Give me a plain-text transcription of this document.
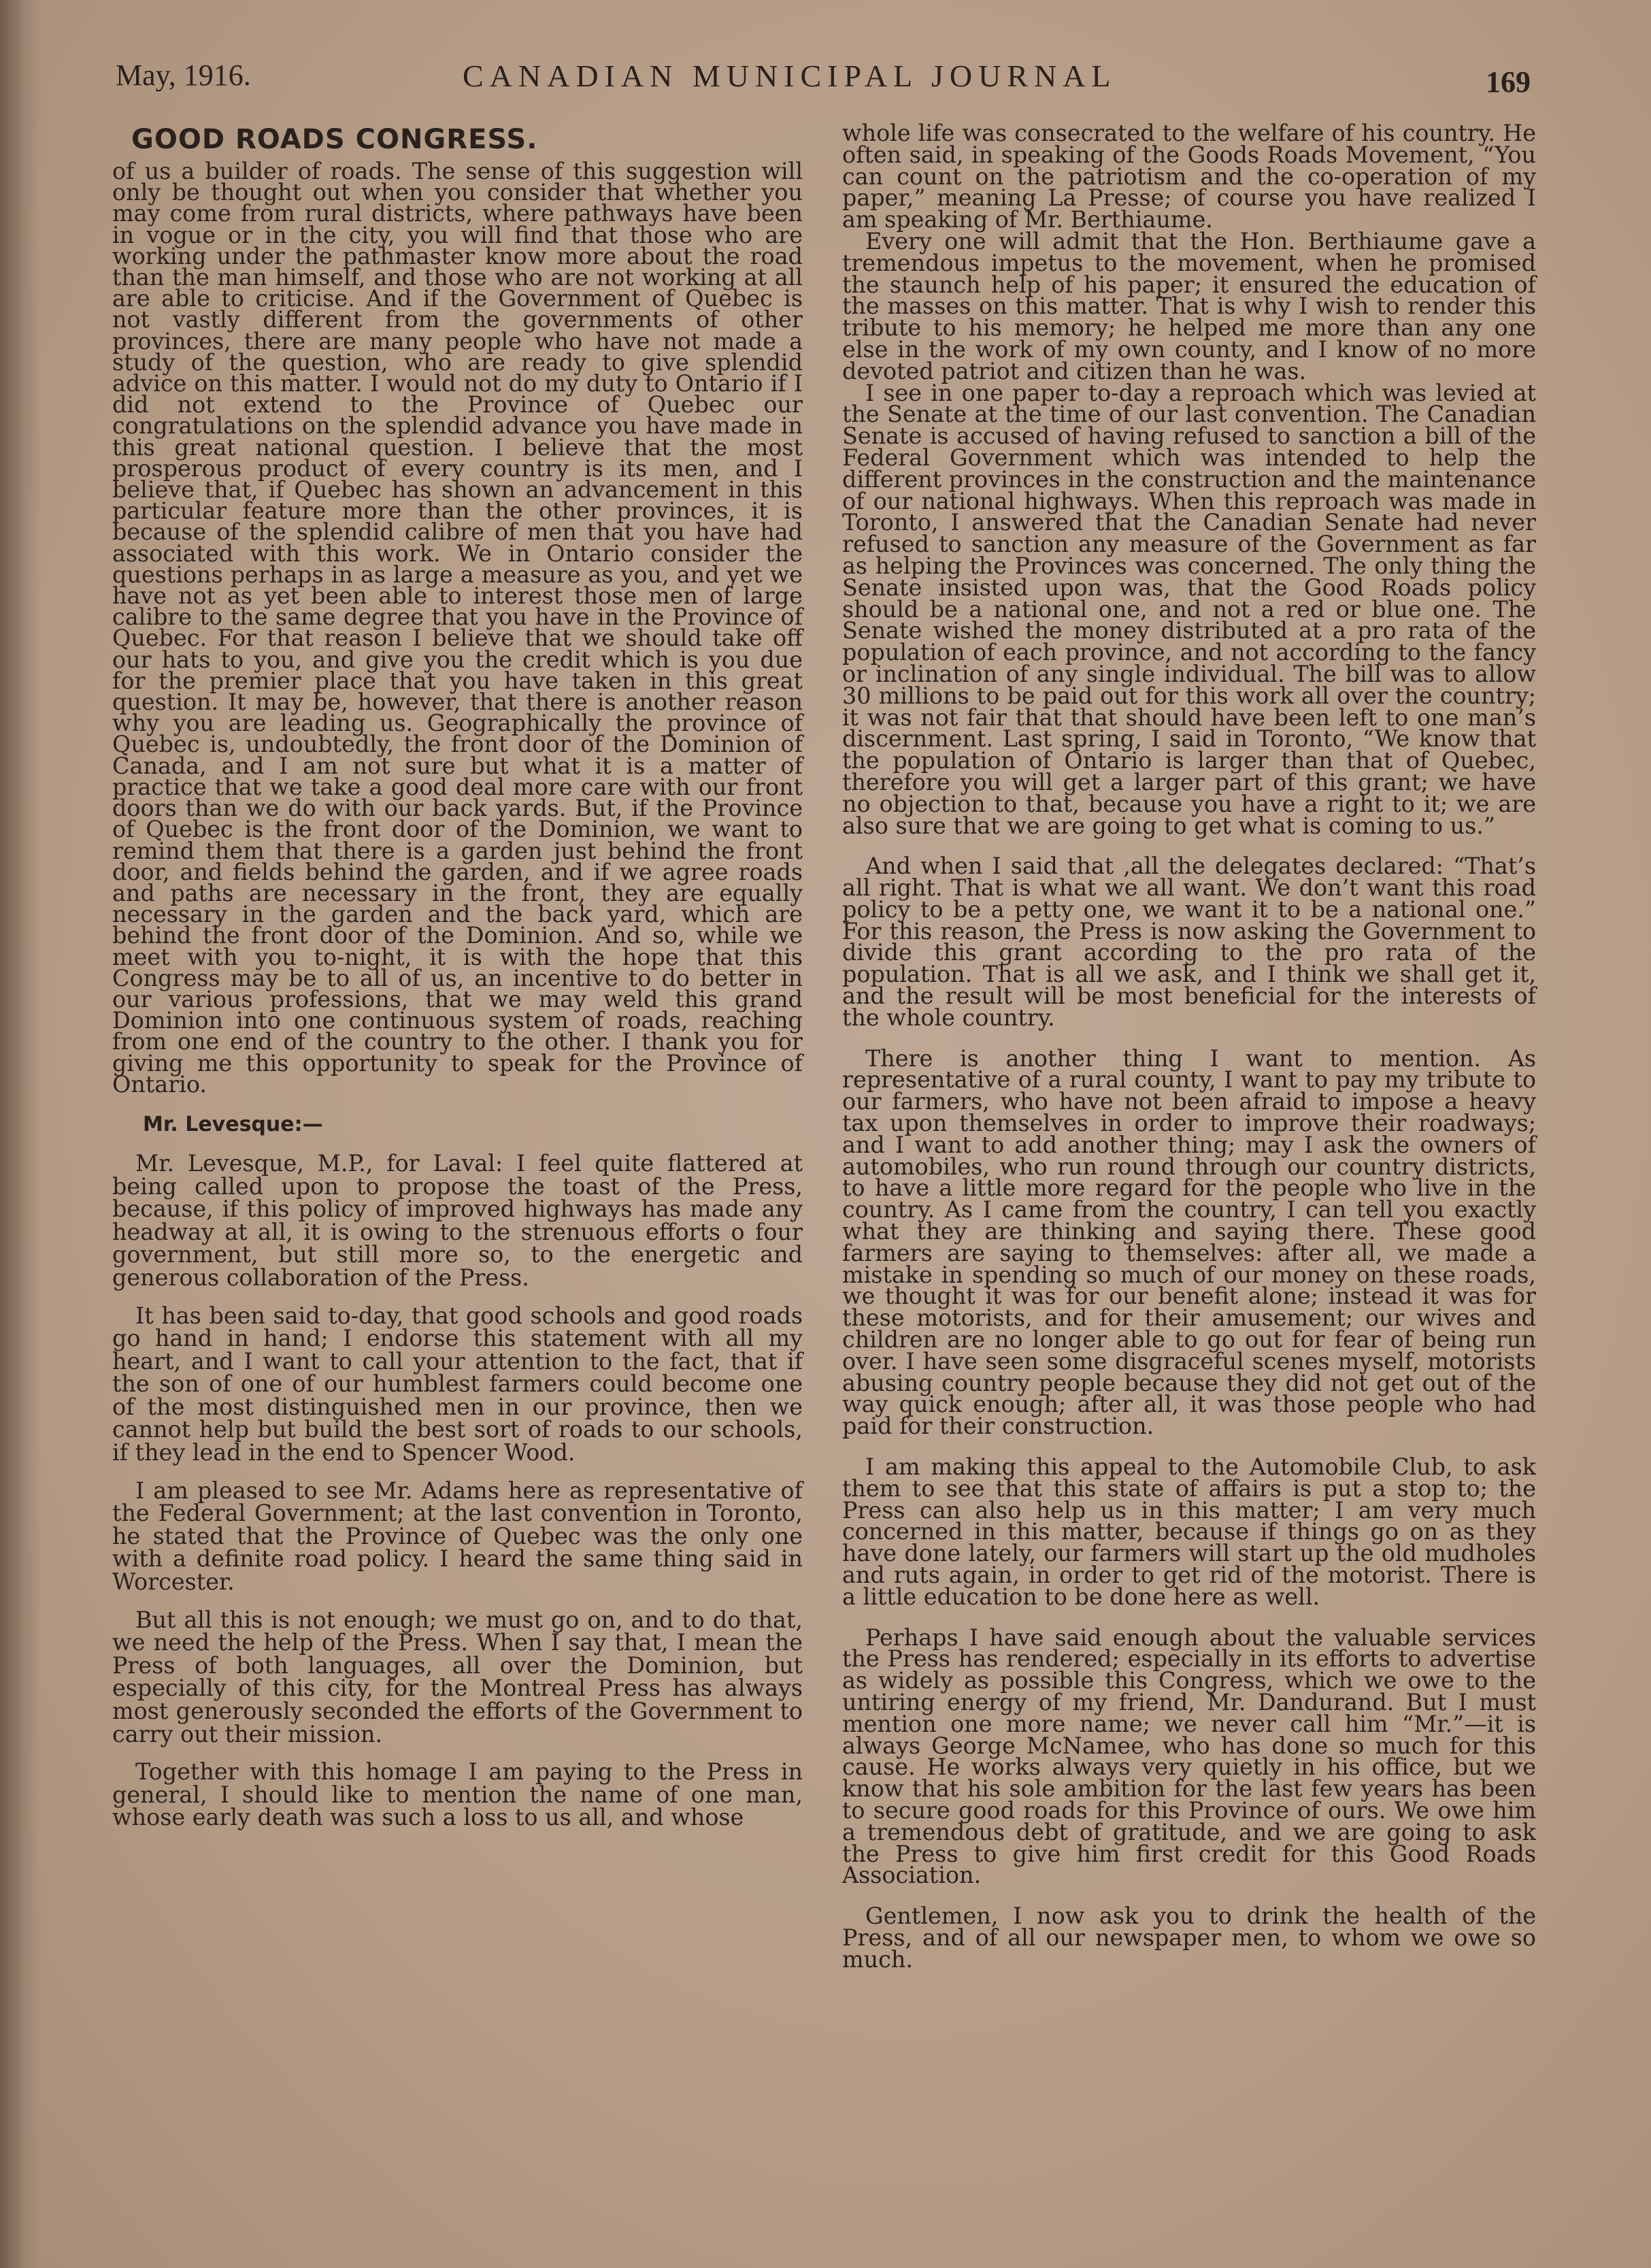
May, 1916.	CANADIAN MUNICIPAL JOURNAL	169
GOOD ROADS CONGRESS.

of us a builder of roads. The sense of this suggestion will only be thought out when you consider that whether you may come from rural districts, where pathways have been in vogue or in the city, you will find that those who are working under the pathmaster know more about the road than the man himself, and those who are not working at all are able to criticise. And if the Government of Quebec is not vastly different from the governments of other provinces, there are many people who have not made a study of the question, who are ready to give splendid advice on this matter. I would not do my duty to Ontario if I did not extend to the Province of Quebec our congratulations on the splendid advance you have made in this great national question. I believe that the most prosperous product of every country is its men, and I believe that, if Quebec has shown an advancement in this particular feature more than the other provinces, it is because of the splendid calibre of men that you have had associated with this work. We in Ontario consider the questions perhaps in as large a measure as you, and yet we have not as yet been able to interest those men of large calibre to the same degree that you have in the Province of Quebec. For that reason I believe that we should take off our hats to you, and give you the credit which is you due for the premier place that you have taken in this great question. It may be, however, that there is another reason why you are leading us. Geographically the province of Quebec is, undoubtedly, the front door of the Dominion of Canada, and I am not sure but what it is a matter of practice that we take a good deal more care with our front doors than we do with our back yards. But, if the Province of Quebec is the front door of the Dominion, we want to remind them that there is a garden just behind the front door, and fields behind the garden, and if we agree roads and paths are necessary in the front, they are equally necessary in the garden and the back yard, which are behind the front door of the Dominion. And so, while we meet with you to-night, it is with the hope that this Congress may be to all of us, an incentive to do better in our various professions, that we may weld this grand Dominion into one continuous system of roads, reaching from one end of the country to the other. I thank you for giving me this opportunity to speak for the Province of Ontario.

Mr. Levesque:—

Mr. Levesque, M.P., for Laval: I feel quite flattered at being called upon to propose the toast of the Press, because, if this policy of improved highways has made any headway at all, it is owing to the strenuous efforts o four government, but still more so, to the energetic and generous collaboration of the Press.

It has been said to-day, that good schools and good roads go hand in hand; I endorse this statement with all my heart, and I want to call your attention to the fact, that if the son of one of our humblest farmers could become one of the most distinguished men in our province, then we cannot help but build the best sort of roads to our schools, if they lead in the end to Spencer Wood.

I am pleased to see Mr. Adams here as representative of the Federal Government; at the last convention in Toronto, he stated that the Province of Quebec was the only one with a definite road policy. I heard the same thing said in Worcester.

But all this is not enough; we must go on, and to do that, we need the help of the Press. When I say that, I mean the Press of both languages, all over the Dominion, but especially of this city, for the Montreal Press has always most generously seconded the efforts of the Government to carry out their mission.

Together with this homage I am paying to the Press in general, I should like to mention the name of one man, whose early death was such a loss to us all, and whose

whole life was consecrated to the welfare of his country. He often said, in speaking of the Goods Roads Movement, “You can count on the patriotism and the co-operation of my paper,” meaning La Presse; of course you have realized I am speaking of Mr. Berthiaume.

Every one will admit that the Hon. Berthiaume gave a tremendous impetus to the movement, when he promised the staunch help of his paper; it ensured the education of the masses on this matter. That is why I wish to render this tribute to his memory; he helped me more than any one else in the work of my own county, and I know of no more devoted patriot and citizen than he was.

I see in one paper to-day a reproach which was levied at the Senate at the time of our last convention. The Canadian Senate is accused of having refused to sanction a bill of the Federal Government which was intended to help the different provinces in the construction and the maintenance of our national highways. When this reproach was made in Toronto, I answered that the Canadian Senate had never refused to sanction any measure of the Government as far as helping the Provinces was concerned. The only thing the Senate insisted upon was, that the Good Roads policy should be a national one, and not a red or blue one. The Senate wished the money distributed at a pro rata of the population of each province, and not according to the fancy or inclination of any single individual. The bill was to allow 30 millions to be paid out for this work all over the country; it was not fair that that should have been left to one man’s discernment. Last spring, I said in Toronto, “We know that the population of Ontario is larger than that of Quebec, therefore you will get a larger part of this grant; we have no objection to that, because you have a right to it; we are also sure that we are going to get what is coming to us.”

And when I said that ,all the delegates declared: “That’s all right. That is what we all want. We don’t want this road policy to be a petty one, we want it to be a national one.” For this reason, the Press is now asking the Government to divide this grant according to the pro rata of the population. That is all we ask, and I think we shall get it, and the result will be most beneficial for the interests of the whole country.

There is another thing I want to mention. As representative of a rural county, I want to pay my tribute to our farmers, who have not been afraid to impose a heavy tax upon themselves in order to improve their roadways; and I want to add another thing; may I ask the owners of automobiles, who run round through our country districts, to have a little more regard for the people who live in the country. As I came from the country, I can tell you exactly what they are thinking and saying there. These good farmers are saying to themselves: after all, we made a mistake in spending so much of our money on these roads, we thought it was for our benefit alone; instead it was for these motorists, and for their amusement; our wives and children are no longer able to go out for fear of being run over. I have seen some disgraceful scenes myself, motorists abusing country people because they did not get out of the way quick enough; after all, it was those people who had paid for their construction.

I am making this appeal to the Automobile Club, to ask them to see that this state of affairs is put a stop to; the Press can also help us in this matter; I am very much concerned in this matter, because if things go on as they have done lately, our farmers will start up the old mudholes and ruts again, in order to get rid of the motorist. There is a little education to be done here as well.

Perhaps I have said enough about the valuable services the Press has rendered; especially in its efforts to advertise as widely as possible this Congress, which we owe to the untiring energy of my friend, Mr. Dandurand. But I must mention one more name; we never call him “Mr.”—it is always George McNamee, who has done so much for this cause. He works always very quietly in his office, but we know that his sole ambition for the last few years has been to secure good roads for this Province of ours. We owe him a tremendous debt of gratitude, and we are going to ask the Press to give him first credit for this Good Roads Association.

Gentlemen, I now ask you to drink the health of the Press, and of all our newspaper men, to whom we owe so much.
